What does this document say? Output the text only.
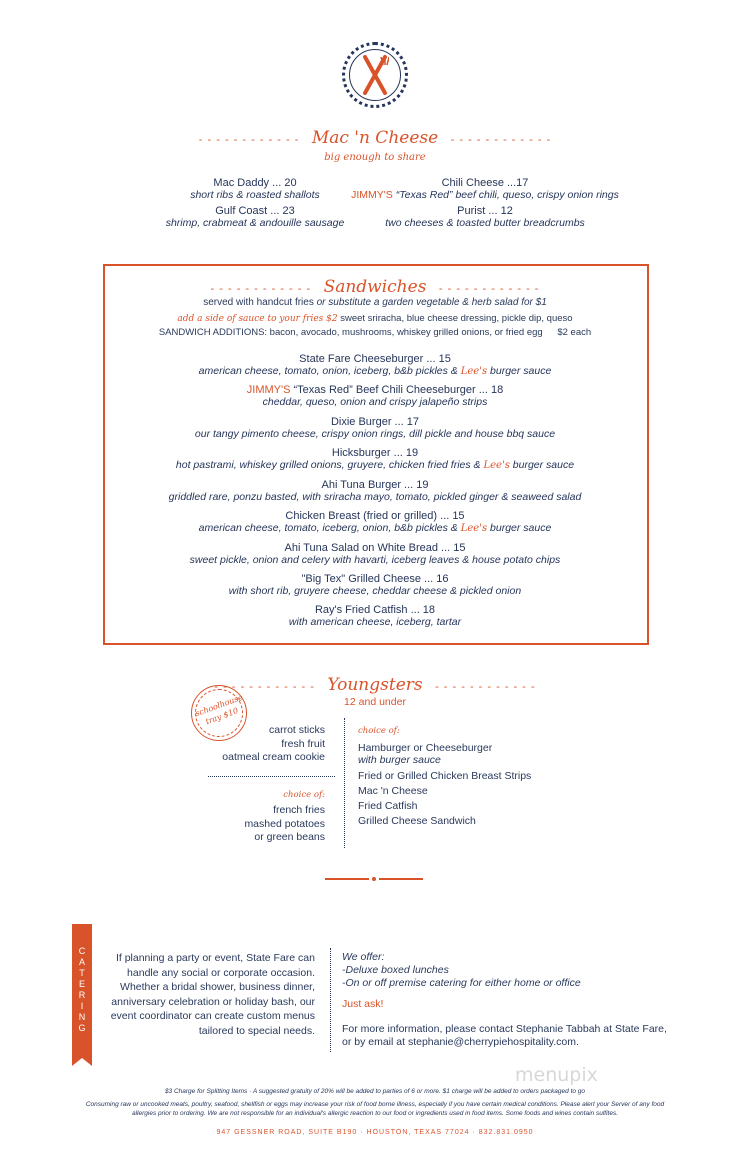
- - - - - - - - - - - - Mac 'n Cheese - - - - - - - - - - - -
big enough to share
Mac Daddy ... 20
short ribs & roasted shallots
Gulf Coast ... 23
shrimp, crabmeat & andouille sausage
Chili Cheese ...17
JIMMY'S “Texas Red” beef chili, queso, crispy onion rings
Purist ... 12
two cheeses & toasted butter breadcrumbs
- - - - - - - - - - - - Sandwiches - - - - - - - - - - - -
served with handcut fries or substitute a garden vegetable & herb salad for $1
add a side of sauce to your fries $2 sweet sriracha, blue cheese dressing, pickle dip, queso
SANDWICH ADDITIONS: bacon, avocado, mushrooms, whiskey grilled onions, or fried egg $2 each
State Fare Cheeseburger ... 15
american cheese, tomato, onion, iceberg, b&b pickles & Lee's burger sauce
JIMMY'S “Texas Red” Beef Chili Cheeseburger ... 18
cheddar, queso, onion and crispy jalapeño strips
Dixie Burger ... 17
our tangy pimento cheese, crispy onion rings, dill pickle and house bbq sauce
Hicksburger ... 19
hot pastrami, whiskey grilled onions, gruyere, chicken fried fries & Lee's burger sauce
Ahi Tuna Burger ... 19
griddled rare, ponzu basted, with sriracha mayo, tomato, pickled ginger & seaweed salad
Chicken Breast (fried or grilled) ... 15
american cheese, tomato, iceberg, onion, b&b pickles & Lee's burger sauce
Ahi Tuna Salad on White Bread ... 15
sweet pickle, onion and celery with havarti, iceberg leaves & house potato chips
"Big Tex" Grilled Cheese ... 16
with short rib, gruyere cheese, cheddar cheese & pickled onion
Ray's Fried Catfish ... 18
with american cheese, iceberg, tartar
- - - - - - - - - - - - Youngsters - - - - - - - - - - - -
12 and under
schoolhouse tray $10
carrot sticks
fresh fruit
oatmeal cream cookie
choice of:
french fries
mashed potatoes
or green beans
choice of:
Hamburger or Cheeseburger
with burger sauce
Fried or Grilled Chicken Breast Strips
Mac 'n Cheese
Fried Catfish
Grilled Cheese Sandwich
CATERING	If planning a party or event, State Fare can
handle any social or corporate occasion.
Whether a bridal shower, business dinner,
anniversary celebration or holiday bash, our
event coordinator can create custom menus
tailored to special needs.
We offer:
-Deluxe boxed lunches
-On or off premise catering for either home or office
Just ask!
For more information, please contact Stephanie Tabbah at State Fare,
or by email at stephanie@cherrypiehospitality.com.
menupix
$3 Charge for Splitting Items · A suggested gratuity of 20% will be added to parties of 6 or more. $1 charge will be added to orders packaged to go
Consuming raw or uncooked meats, poultry, seafood, shellfish or eggs may increase your risk of food borne illness, especially if you have certain medical conditions. Please alert your Server of any food
allergies prior to ordering. We are not responsible for an individual's allergic reaction to our food or ingredients used in food items. Some foods and wines contain sulfites.
947 GESSNER ROAD, SUITE B190 · HOUSTON, TEXAS 77024 · 832.831.0950
